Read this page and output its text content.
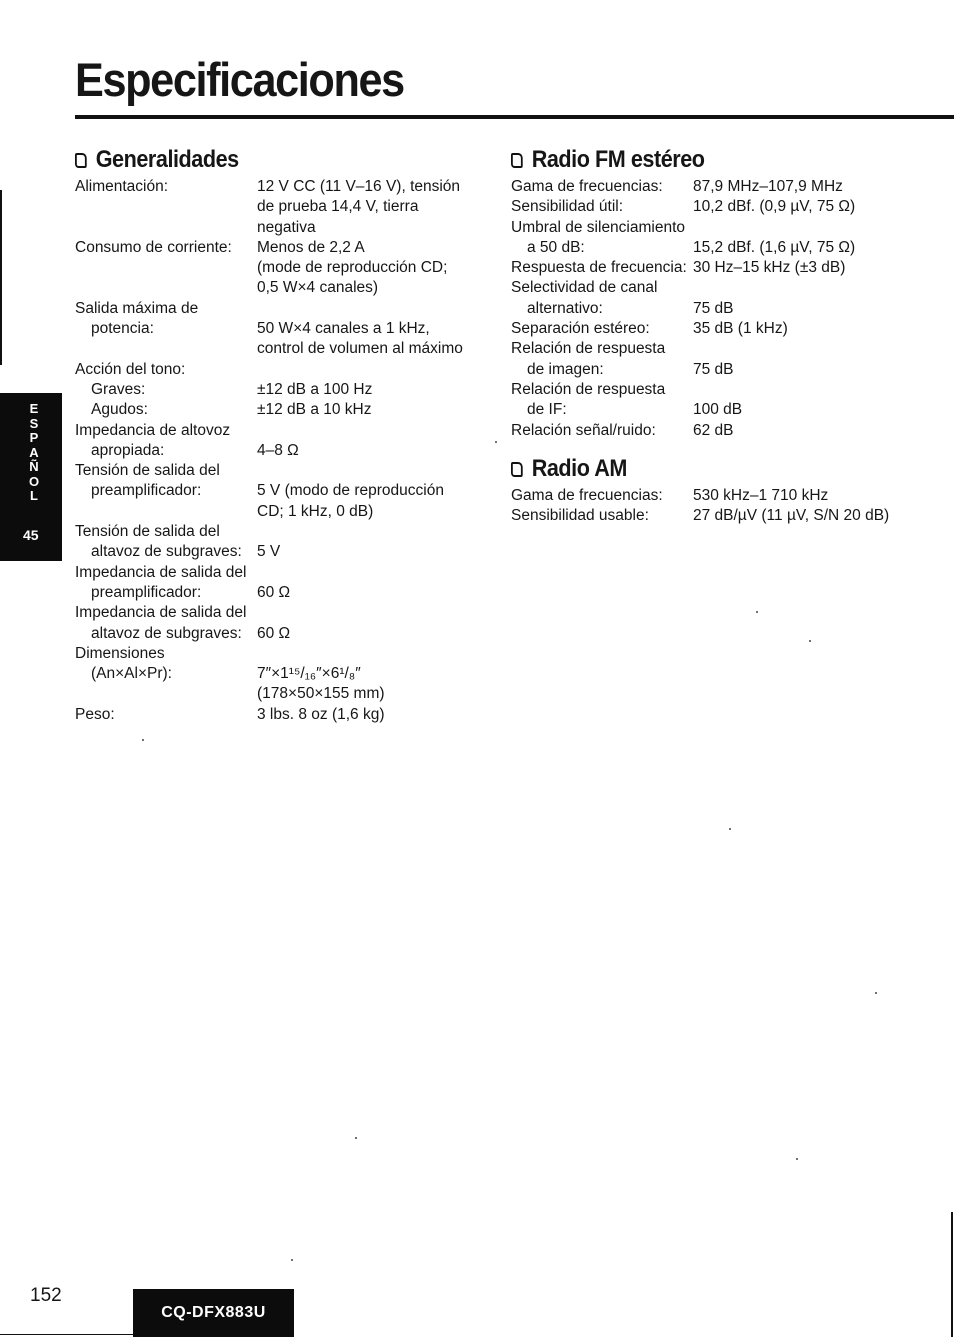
Especificaciones
Generalidades
Alimentación:	12 V CC (11 V–16 V), tensión
de prueba 14,4 V, tierra
negativa
Consumo de corriente: Menos de 2,2 A
(mode de reproducción CD;
0,5 W×4 canales)
Salida máxima de
potencia:	50 W×4 canales a 1 kHz,
control de volumen al máximo
Acción del tono:
Graves:	±12 dB a 100 Hz
Agudos:	±12 dB a 10 kHz
Impedancia de altovoz
apropiada:	4–8 Ω
Tensión de salida del
preamplificador:	5 V (modo de reproducción
CD; 1 kHz, 0 dB)
Tensión de salida del
altavoz de subgraves: 5 V
Impedancia de salida del
preamplificador:	60 Ω
Impedancia de salida del
altavoz de subgraves: 60 Ω
Dimensiones
(An×Al×Pr):	7″×1¹⁵/₁₆″×6¹/₈″
(178×50×155 mm)
Peso:	3 lbs. 8 oz (1,6 kg)
Radio FM estéreo
Gama de frecuencias: 87,9 MHz–107,9 MHz
Sensibilidad útil:	10,2 dBf. (0,9 µV, 75 Ω)
Umbral de silenciamiento
a 50 dB:	15,2 dBf. (1,6 µV, 75 Ω)
Respuesta de frecuencia: 30 Hz–15 kHz (±3 dB)
Selectividad de canal
alternativo:	75 dB
Separación estéreo:	35 dB (1 kHz)
Relación de respuesta
de imagen:	75 dB
Relación de respuesta
de IF:	100 dB
Relación señal/ruido: 62 dB
Radio AM
Gama de frecuencias: 530 kHz–1 710 kHz
Sensibilidad usable:	27 dB/µV (11 µV, S/N 20 dB)
E
S
P
A
Ñ
O
L
45
152
CQ-DFX883U
